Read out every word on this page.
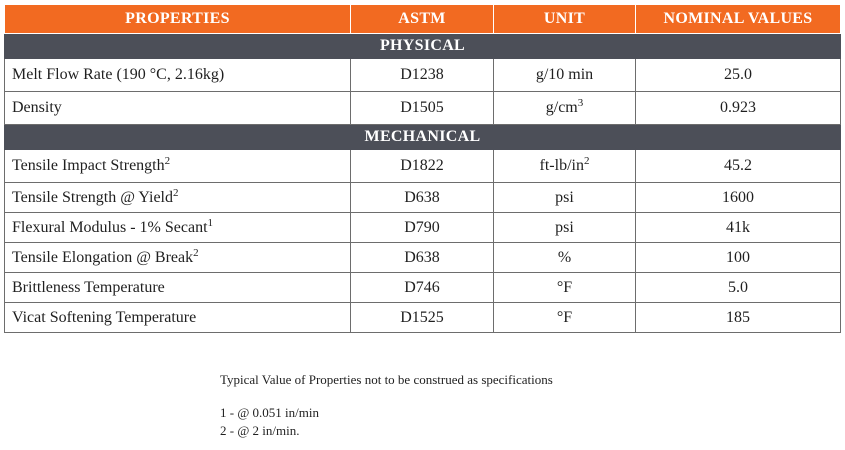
PROPERTIES	ASTM	UNIT	NOMINAL VALUES
PHYSICAL			
Melt Flow Rate (190 °C, 2.16kg)	D1238	g/10 min	25.0
Density	D1505	$g/cm^3$	0.923
MECHANICAL			
Tensile Impact Strength$^2$	D1822	$ft-lb/in^2$	45.2
Tensile Strength @ Yield$^2$	D638	psi	1600
Flexural Modulus - 1% Secant$^1$	D790	psi	41k
Tensile Elongation @ Break$^2$	D638	%	100
Brittleness Temperature	D746	°F	5.0
Vicat Softening Temperature	D1525	°F	185

Typical Value of Properties not to be construed as specifications

1 - @ 0.051 in/min

2 - @ 2 in/min.
